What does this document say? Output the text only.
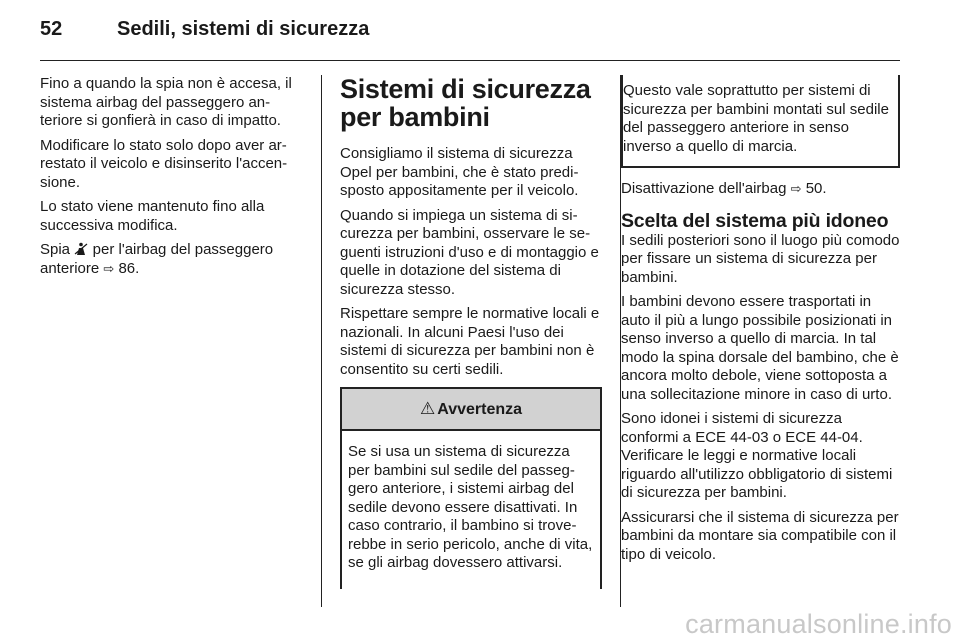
52	Sedili, sistemi di sicurezza

Fino a quando la spia non è accesa, il sistema airbag del passeggero anteriore si gonfierà in caso di impatto.

Modificare lo stato solo dopo aver arrestato il veicolo e disinserito l'accensione.

Lo stato viene mantenuto fino alla successiva modifica.

Spia per l'airbag del passeggero anteriore ⇨ 86.

Sistemi di sicurezza per bambini

Consigliamo il sistema di sicurezza Opel per bambini, che è stato predisposto appositamente per il veicolo.

Quando si impiega un sistema di sicurezza per bambini, osservare le seguenti istruzioni d'uso e di montaggio e quelle in dotazione del sistema di sicurezza stesso.

Rispettare sempre le normative locali e nazionali. In alcuni Paesi l'uso dei sistemi di sicurezza per bambini non è consentito su certi sedili.

⚠ Avvertenza

Se si usa un sistema di sicurezza per bambini sul sedile del passeggero anteriore, i sistemi airbag del sedile devono essere disattivati. In caso contrario, il bambino si troverebbe in serio pericolo, anche di vita, se gli airbag dovessero attivarsi.

Questo vale soprattutto per sistemi di sicurezza per bambini montati sul sedile del passeggero anteriore in senso inverso a quello di marcia.

Disattivazione dell'airbag ⇨ 50.

Scelta del sistema più idoneo

I sedili posteriori sono il luogo più comodo per fissare un sistema di sicurezza per bambini.

I bambini devono essere trasportati in auto il più a lungo possibile posizionati in senso inverso a quello di marcia. In tal modo la spina dorsale del bambino, che è ancora molto debole, viene sottoposta a una sollecitazione minore in caso di urto.

Sono idonei i sistemi di sicurezza conformi a ECE 44-03 o ECE 44-04. Verificare le leggi e normative locali riguardo all'utilizzo obbligatorio di sistemi di sicurezza per bambini.

Assicurarsi che il sistema di sicurezza per bambini da montare sia compatibile con il tipo di veicolo.

carmanualsonline.info
